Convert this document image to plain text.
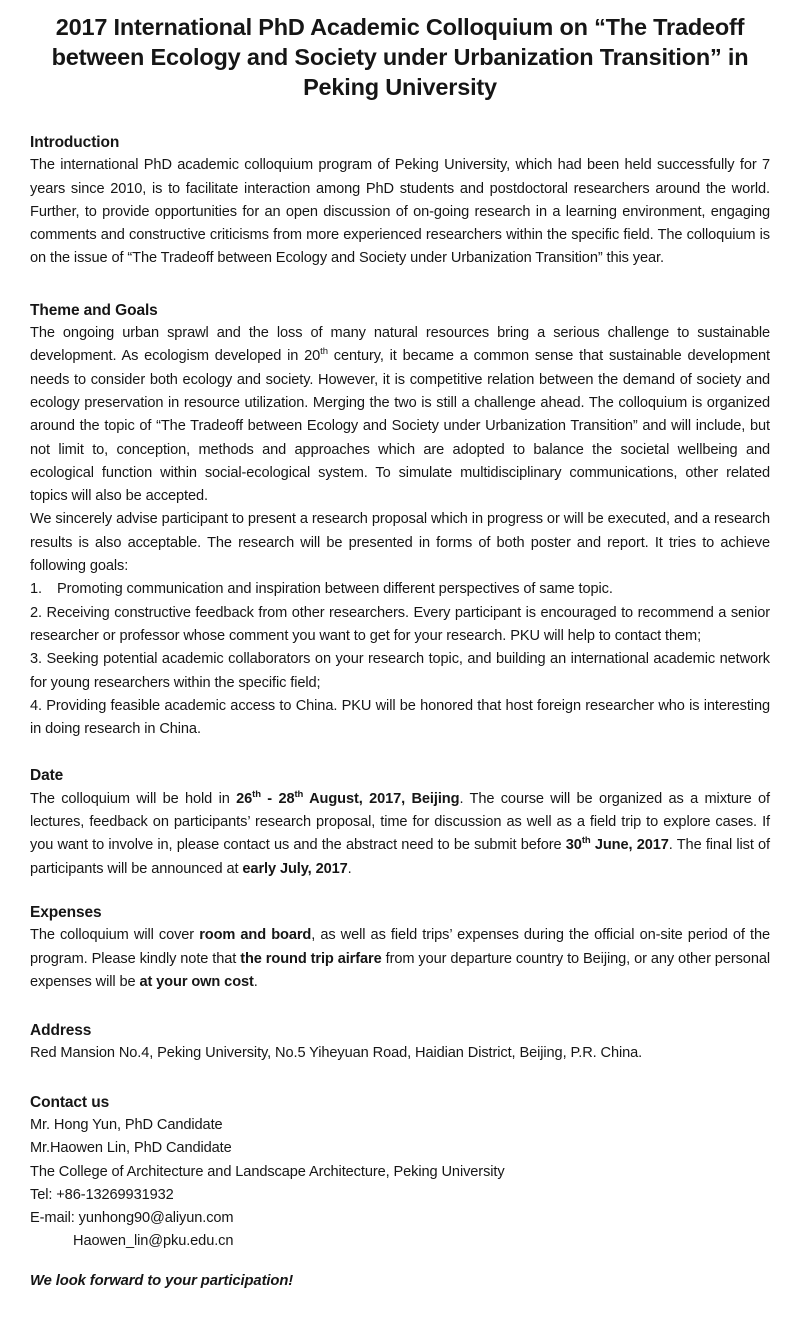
2017 International PhD Academic Colloquium on “The Tradeoff between Ecology and Society under Urbanization Transition” in Peking University
Introduction

The international PhD academic colloquium program of Peking University, which had been held successfully for 7 years since 2010, is to facilitate interaction among PhD students and postdoctoral researchers around the world. Further, to provide opportunities for an open discussion of on-going research in a learning environment, engaging comments and constructive criticisms from more experienced researchers within the specific field. The colloquium is on the issue of “The Tradeoff between Ecology and Society under Urbanization Transition” this year.

Theme and Goals

The ongoing urban sprawl and the loss of many natural resources bring a serious challenge to sustainable development. As ecologism developed in 20th century, it became a common sense that sustainable development needs to consider both ecology and society. However, it is competitive relation between the demand of society and ecology preservation in resource utilization. Merging the two is still a challenge ahead. The colloquium is organized around the topic of “The Tradeoff between Ecology and Society under Urbanization Transition” and will include, but not limit to, conception, methods and approaches which are adopted to balance the societal wellbeing and ecological function within social-ecological system. To simulate multidisciplinary communications, other related topics will also be accepted.

We sincerely advise participant to present a research proposal which in progress or will be executed, and a research results is also acceptable. The research will be presented in forms of both poster and report. It tries to achieve following goals:

1. Promoting communication and inspiration between different perspectives of same topic.

2. Receiving constructive feedback from other researchers. Every participant is encouraged to recommend a senior researcher or professor whose comment you want to get for your research. PKU will help to contact them;

3. Seeking potential academic collaborators on your research topic, and building an international academic network for young researchers within the specific field;

4. Providing feasible academic access to China. PKU will be honored that host foreign researcher who is interesting in doing research in China.

Date

The colloquium will be hold in 26th - 28th August, 2017, Beijing. The course will be organized as a mixture of lectures, feedback on participants’ research proposal, time for discussion as well as a field trip to explore cases. If you want to involve in, please contact us and the abstract need to be submit before 30th June, 2017. The final list of participants will be announced at early July, 2017.

Expenses

The colloquium will cover room and board, as well as field trips’ expenses during the official on-site period of the program. Please kindly note that the round trip airfare from your departure country to Beijing, or any other personal expenses will be at your own cost.

Address

Red Mansion No.4, Peking University, No.5 Yiheyuan Road, Haidian District, Beijing, P.R. China.

Contact us

Mr. Hong Yun, PhD Candidate

Mr.Haowen Lin, PhD Candidate

The College of Architecture and Landscape Architecture, Peking University

Tel: +86-13269931932

E-mail: yunhong90@aliyun.com

Haowen_lin@pku.edu.cn

We look forward to your participation!
